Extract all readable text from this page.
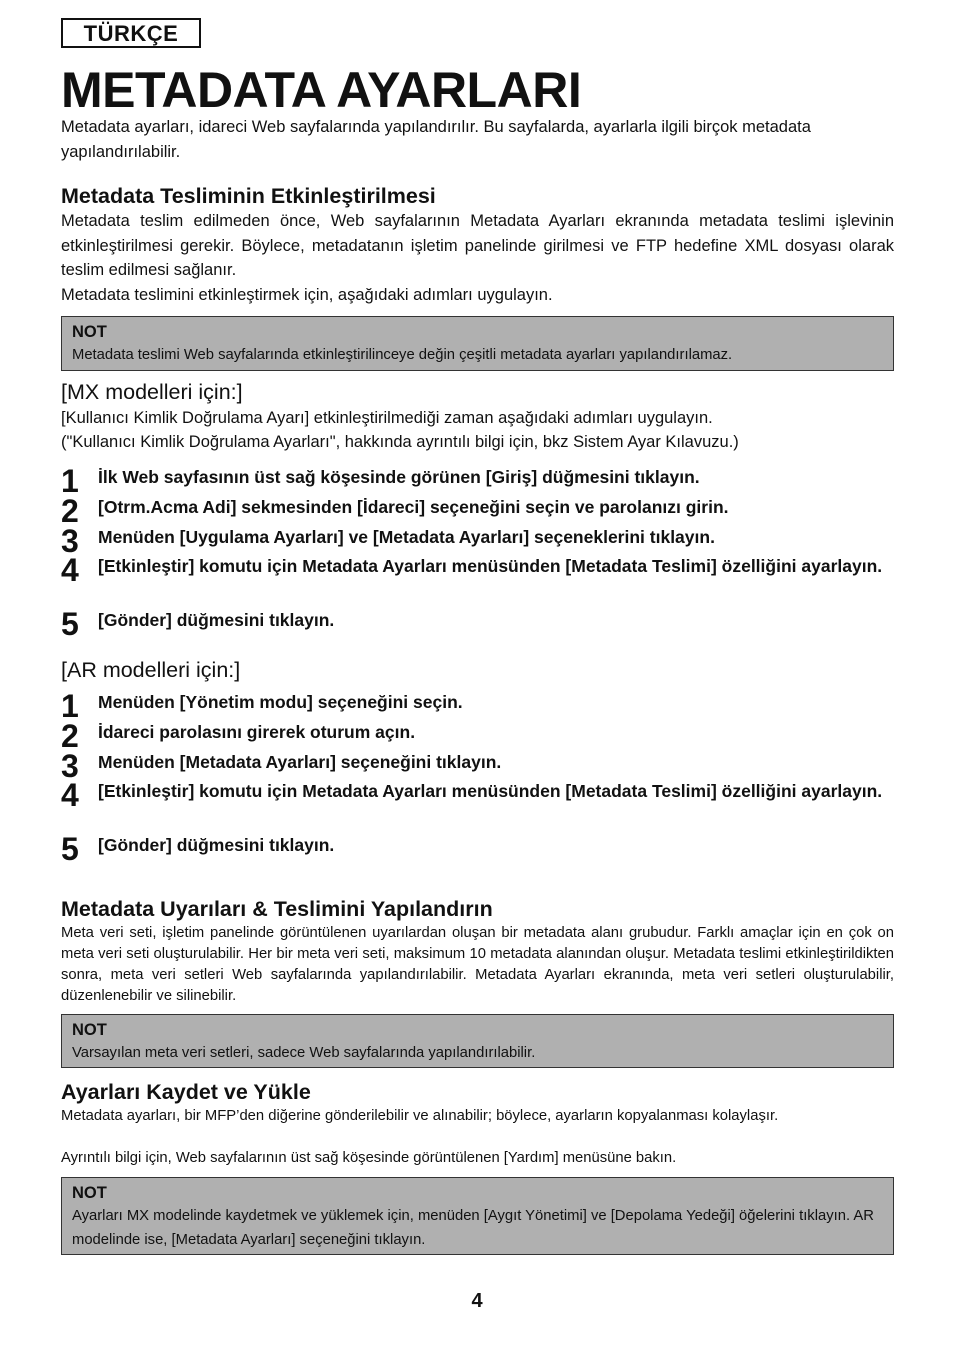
TÜRKÇE
METADATA AYARLARI
Metadata ayarları, idareci Web sayfalarında yapılandırılır. Bu sayfalarda, ayarlarla ilgili birçok metadata yapılandırılabilir.
Metadata Tesliminin Etkinleştirilmesi
Metadata teslim edilmeden önce, Web sayfalarının Metadata Ayarları ekranında metadata teslimi işlevinin etkinleştirilmesi gerekir. Böylece, metadatanın işletim panelinde girilmesi ve FTP hedefine XML dosyası olarak teslim edilmesi sağlanır.
Metadata teslimini etkinleştirmek için, aşağıdaki adımları uygulayın.
NOT
Metadata teslimi Web sayfalarında etkinleştirilinceye değin çeşitli metadata ayarları yapılandırılamaz.
[MX modelleri için:]
[Kullanıcı Kimlik Doğrulama Ayarı] etkinleştirilmediği zaman aşağıdaki adımları uygulayın.
("Kullanıcı Kimlik Doğrulama Ayarları", hakkında ayrıntılı bilgi için, bkz Sistem Ayar Kılavuzu.)
1 İlk Web sayfasının üst sağ köşesinde görünen [Giriş] düğmesini tıklayın.
2 [Otrm.Acma Adi] sekmesinden [İdareci] seçeneğini seçin ve parolanızı girin.
3 Menüden [Uygulama Ayarları] ve [Metadata Ayarları] seçeneklerini tıklayın.
4 [Etkinleştir] komutu için Metadata Ayarları menüsünden [Metadata Teslimi] özelliğini ayarlayın.
5 [Gönder] düğmesini tıklayın.
[AR modelleri için:]
1 Menüden [Yönetim modu] seçeneğini seçin.
2 İdareci parolasını girerek oturum açın.
3 Menüden [Metadata Ayarları] seçeneğini tıklayın.
4 [Etkinleştir] komutu için Metadata Ayarları menüsünden [Metadata Teslimi] özelliğini ayarlayın.
5 [Gönder] düğmesini tıklayın.
Metadata Uyarıları & Teslimini Yapılandırın
Meta veri seti, işletim panelinde görüntülenen uyarılardan oluşan bir metadata alanı grubudur. Farklı amaçlar için en çok on meta veri seti oluşturulabilir. Her bir meta veri seti, maksimum 10 metadata alanından oluşur. Metadata teslimi etkinleştirildikten sonra, meta veri setleri Web sayfalarında yapılandırılabilir. Metadata Ayarları ekranında, meta veri setleri oluşturulabilir, düzenlenebilir ve silinebilir.
NOT
Varsayılan meta veri setleri, sadece Web sayfalarında yapılandırılabilir.
Ayarları Kaydet ve Yükle
Metadata ayarları, bir MFP’den diğerine gönderilebilir ve alınabilir; böylece, ayarların kopyalanması kolaylaşır.
Ayrıntılı bilgi için, Web sayfalarının üst sağ köşesinde görüntülenen [Yardım] menüsüne bakın.
NOT
Ayarları MX modelinde kaydetmek ve yüklemek için, menüden [Aygıt Yönetimi] ve [Depolama Yedeği] öğelerini tıklayın. AR modelinde ise, [Metadata Ayarları] seçeneğini tıklayın.
4
